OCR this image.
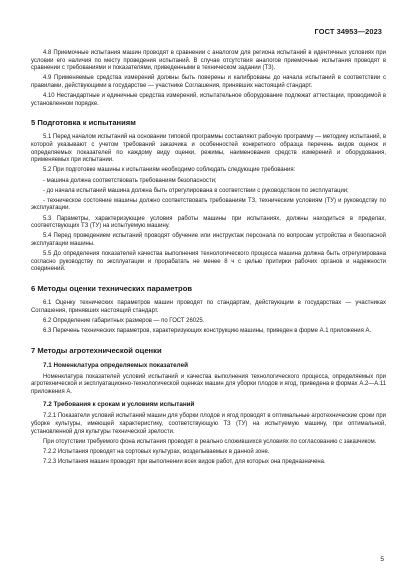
ГОСТ 34953—2023

4.8 Приемочные испытания машин проводят в сравнении с аналогом для региона испытаний в идентичных условиях при условии его наличия по месту проведения испытаний. В случае отсутствия аналогов приемочные испытания проводят в сравнении с требованиями и показателями, приведенными в техническом задании (ТЗ).

4.9 Применяемые средства измерений должны быть поверены и калиброваны до начала испытаний в соответствии с правилами, действующими в государстве — участнике Соглашения, принявших настоящий стандарт.

4.10 Нестандартные и единичные средства измерений, испытательное оборудование подлежат аттестации, проводимой в установленном порядке.

5 Подготовка к испытаниям

5.1 Перед началом испытаний на основании типовой программы составляют рабочую программу — методику испытаний, в которой указывают с учетом требований заказчика и особенностей конкретного образца перечень видов оценок и определяемых показателей по каждому виду оценки, режимы, наименования средств измерений и оборудования, применяемых при испытании.

5.2 При подготовке машины к испытаниям необходимо соблюдать следующие требования:

- машина должна соответствовать требованиям безопасности;

- до начала испытаний машина должна быть отрегулирована в соответствии с руководством по эксплуатации;

- техническое состояние машины должно соответствовать требованиям ТЗ, техническим условиям (ТУ) и руководству по эксплуатации.

5.3 Параметры, характеризующие условия работы машины при испытаниях, должны находиться в пределах, соответствующих ТЗ (ТУ) на испытуемую машину.

5.4 Перед проведением испытаний проводят обучение или инструктаж персонала по вопросам устройства и безопасной эксплуатации машины.

5.5 До определения показателей качества выполнения технологического процесса машина должна быть отрегулирована согласно руководству по эксплуатации и прорабатать не менее 8 ч с целью притирки рабочих органов и надежности соединений.

6 Методы оценки технических параметров

6.1 Оценку технических параметров машин проводят по стандартам, действующим в государствах — участниках Соглашения, принявших настоящий стандарт.

6.2 Определение габаритных размеров — по ГОСТ 26025.

6.3 Перечень технических параметров, характеризующих конструкцию машины, приведен в форме А.1 приложения А.

7 Методы агротехнической оценки
7.1 Номенклатура определяемых показателей

Номенклатура показателей условий испытаний и качества выполнения технологического процесса, определяемых при агротехнической и эксплуатационно-технологической оценках машин для уборки плодов и ягод, приведена в формах А.2—А.11 приложения А.

7.2 Требования к срокам и условиям испытаний

7.2.1 Показатели условий испытаний машин для уборки плодов и ягод проводят в оптимальные агротехнические сроки при уборке культуры, имеющей характеристику, соответствующую ТЗ (ТУ) на испытуемую машину, при оптимальной, установленной для культуры технической зрелости.

При отсутствии требуемого фона испытания проводят в реально сложившихся условиях по согласованию с заказчиком.

7.2.2 Испытания проводят на сортовых культурах, возделываемых в данной зоне.

7.2.3 Испытания машин проводят при выполнении всех видов работ, для которых она предназначена.

5
